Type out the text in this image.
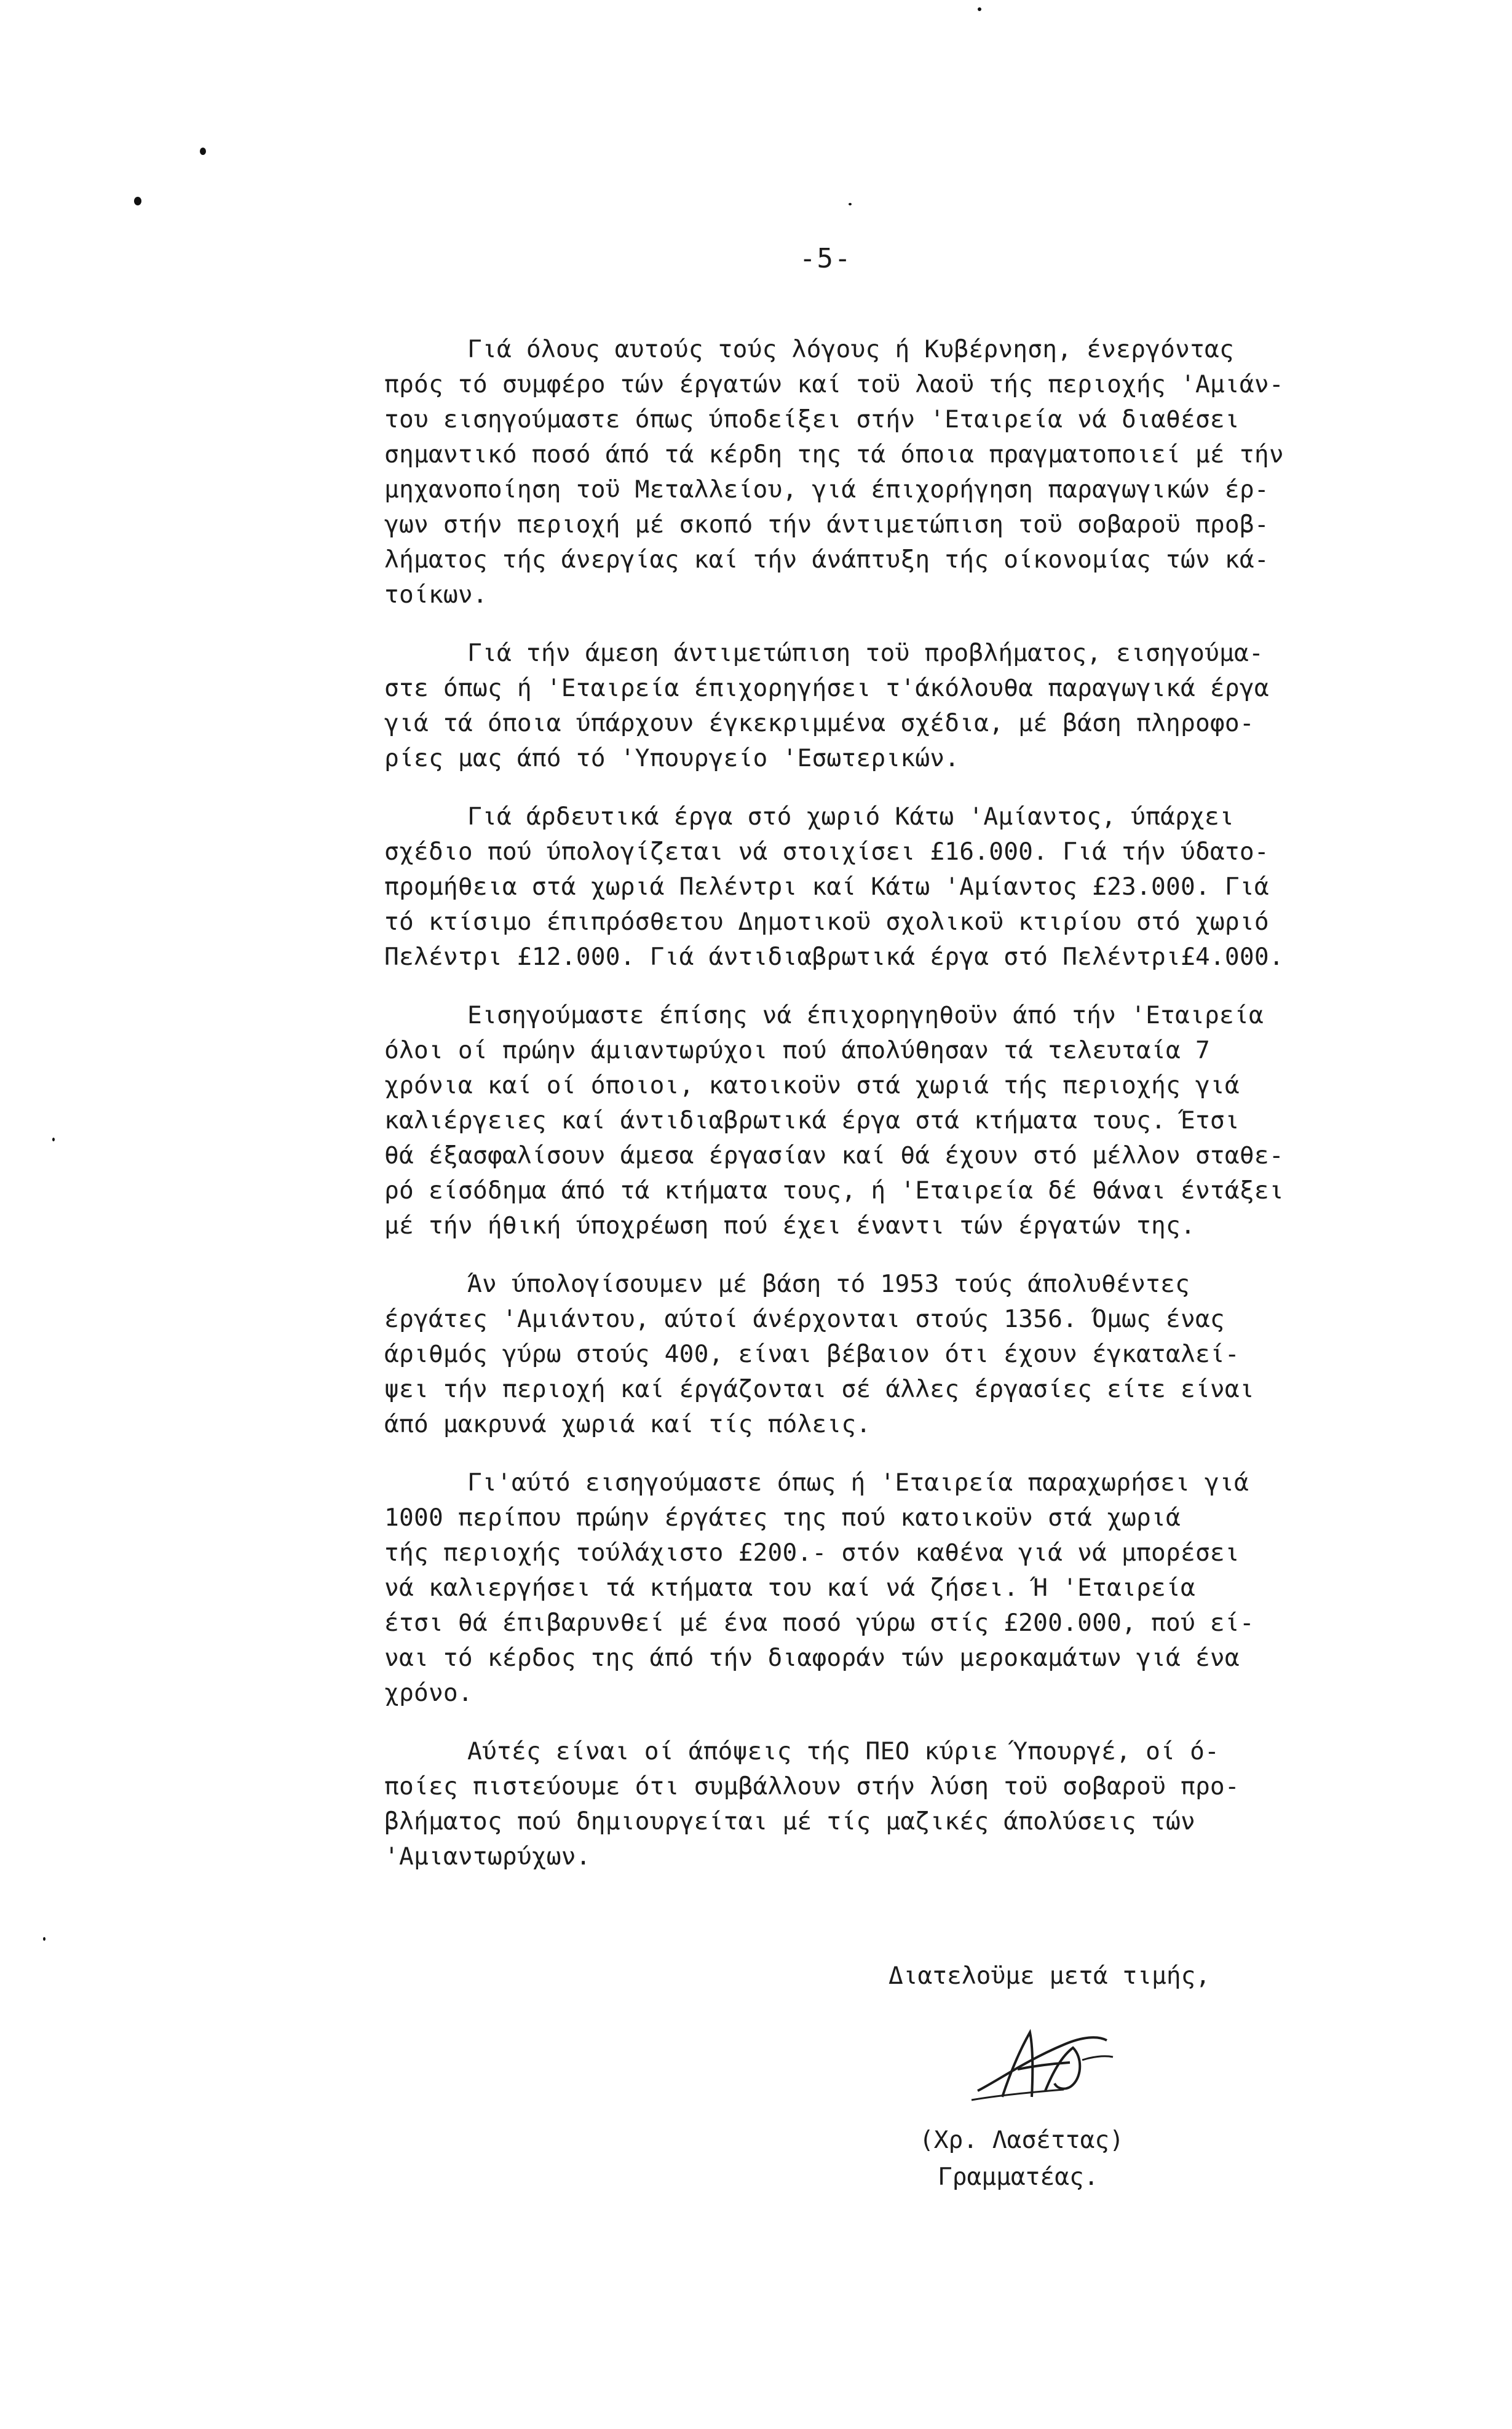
-5-
Γιά όλους αυτούς τούς λόγους ή Κυβέρνηση, ένεργόντας
πρός τό συμφέρο τών έργατών καί τοϋ λαοϋ τής περιοχής 'Αμιάν-
του εισηγούμαστε όπως ύποδείξει στήν 'Εταιρεία νά διαθέσει
σημαντικό ποσό άπό τά κέρδη της τά όποια πραγματοποιεί μέ τήν
μηχανοποίηση τοϋ Μεταλλείου, γιά έπιχορήγηση παραγωγικών έρ-
γων στήν περιοχή μέ σκοπό τήν άντιμετώπιση τοϋ σοβαροϋ προβ-
λήματος τής άνεργίας καί τήν άνάπτυξη τής οίκονομίας τών κά-
τοίκων.
Γιά τήν άμεση άντιμετώπιση τοϋ προβλήματος, εισηγούμα-
στε όπως ή 'Εταιρεία έπιχορηγήσει τ'άκόλουθα παραγωγικά έργα
γιά τά όποια ύπάρχουν έγκεκριμμένα σχέδια, μέ βάση πληροφο-
ρίες μας άπό τό 'Υπουργείο 'Εσωτερικών.
Γιά άρδευτικά έργα στό χωριό Κάτω 'Αμίαντος, ύπάρχει
σχέδιο πού ύπολογίζεται νά στοιχίσει £16.000. Γιά τήν ύδατο-
προμήθεια στά χωριά Πελέντρι καί Κάτω 'Αμίαντος £23.000. Γιά
τό κτίσιμο έπιπρόσθετου Δημοτικοϋ σχολικοϋ κτιρίου στό χωριό
Πελέντρι £12.000. Γιά άντιδιαβρωτικά έργα στό Πελέντρι£4.000.
Εισηγούμαστε έπίσης νά έπιχορηγηθοϋν άπό τήν 'Εταιρεία
όλοι οί πρώην άμιαντωρύχοι πού άπολύθησαν τά τελευταία 7
χρόνια καί οί όποιοι, κατοικοϋν στά χωριά τής περιοχής γιά
καλιέργειες καί άντιδιαβρωτικά έργα στά κτήματα τους. Έτσι
θά έξασφαλίσουν άμεσα έργασίαν καί θά έχουν στό μέλλον σταθε-
ρό είσόδημα άπό τά κτήματα τους, ή 'Εταιρεία δέ θάναι έντάξει
μέ τήν ήθική ύποχρέωση πού έχει έναντι τών έργατών της.
Άν ύπολογίσουμεν μέ βάση τό 1953 τούς άπολυθέντες
έργάτες 'Αμιάντου, αύτοί άνέρχονται στούς 1356. Όμως ένας
άριθμός γύρω στούς 400, είναι βέβαιον ότι έχουν έγκαταλεί-
ψει τήν περιοχή καί έργάζονται σέ άλλες έργασίες είτε είναι
άπό μακρυνά χωριά καί τίς πόλεις.
Γι'αύτό εισηγούμαστε όπως ή 'Εταιρεία παραχωρήσει γιά
1000 περίπου πρώην έργάτες της πού κατοικοϋν στά χωριά
τής περιοχής τούλάχιστο £200.- στόν καθένα γιά νά μπορέσει
νά καλιεργήσει τά κτήματα του καί νά ζήσει. Ή 'Εταιρεία
έτσι θά έπιβαρυνθεί μέ ένα ποσό γύρω στίς £200.000, πού εί-
ναι τό κέρδος της άπό τήν διαφοράν τών μεροκαμάτων γιά ένα
χρόνο.
Αύτές είναι οί άπόψεις τής ΠΕΟ κύριε Ύπουργέ, οί ό-
ποίες πιστεύουμε ότι συμβάλλουν στήν λύση τοϋ σοβαροϋ προ-
βλήματος πού δημιουργείται μέ τίς μαζικές άπολύσεις τών
'Αμιαντωρύχων.
Διατελοϋμε μετά τιμής,
(Χρ. Λασέττας)
Γραμματέας.
